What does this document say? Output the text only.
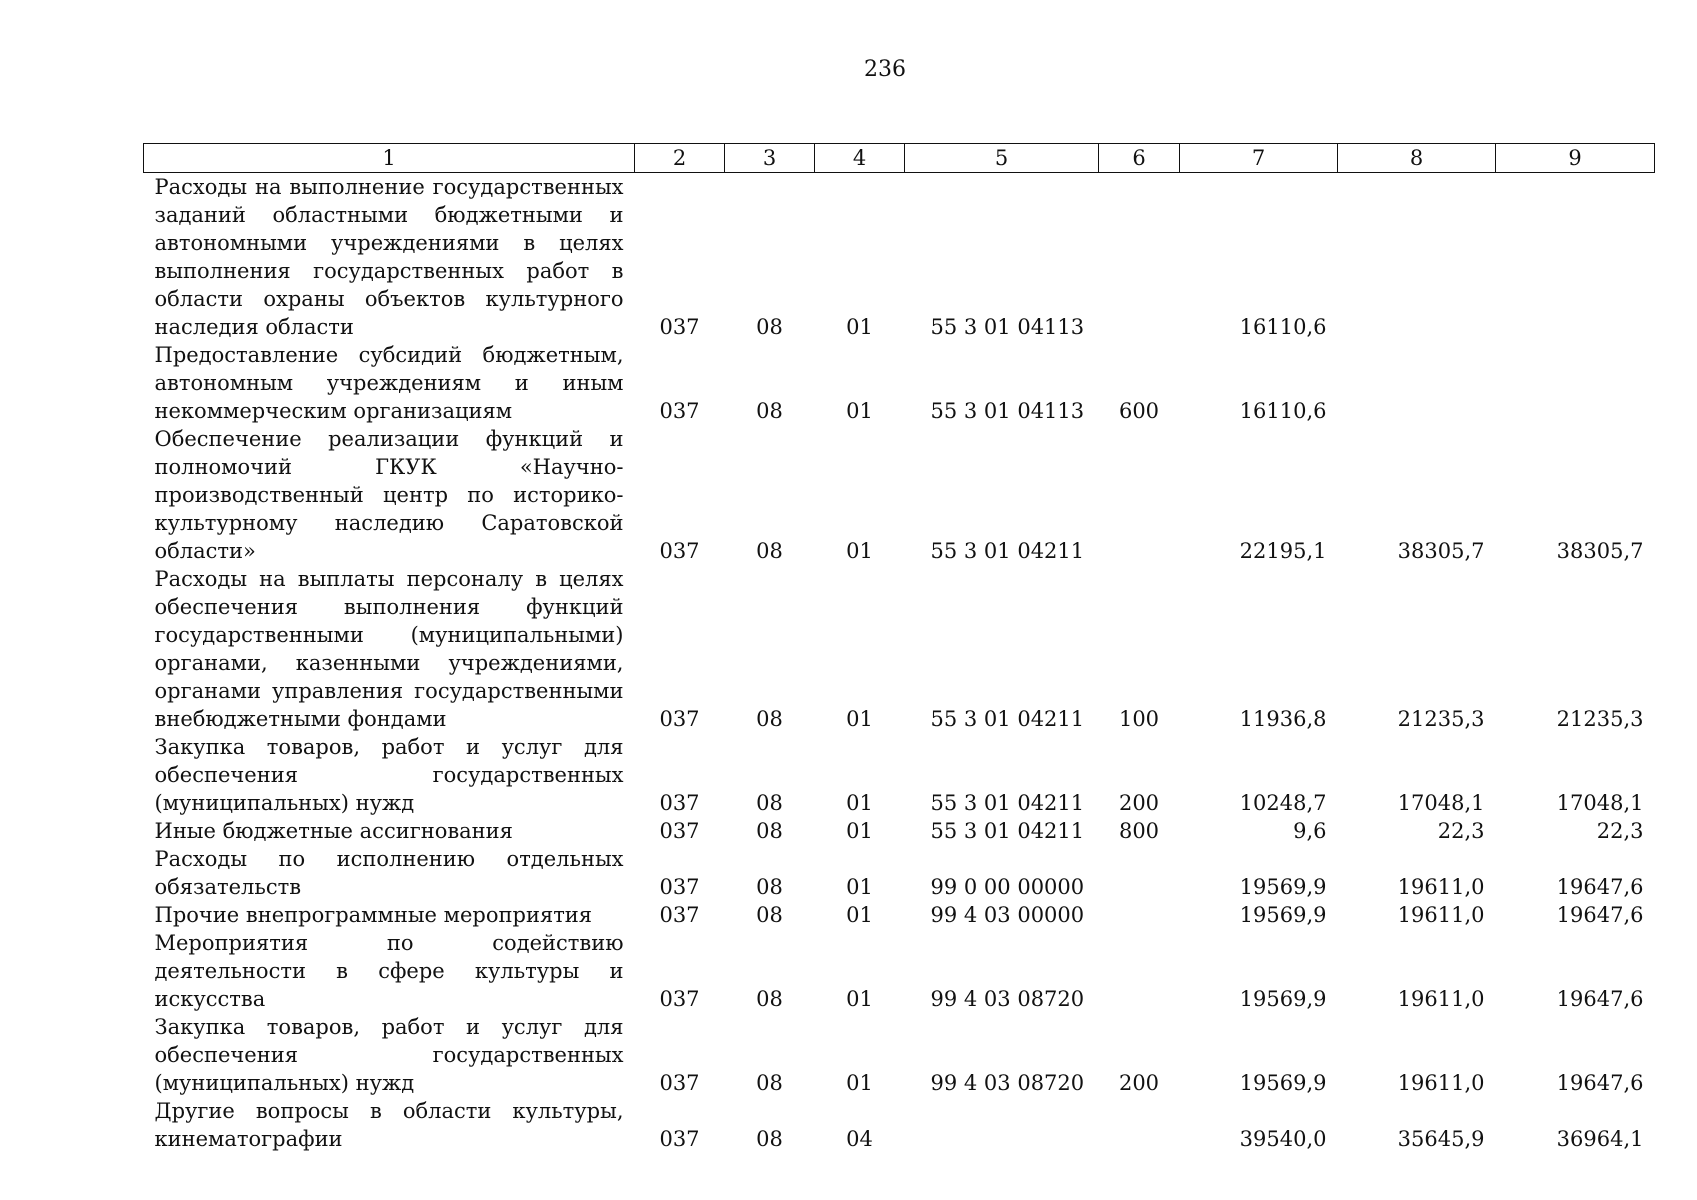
236
1	2	3	4	5	6	7	8	9
Расходы на выполнение государственных заданий областными бюджетными и автономными учреждениями в целях выполнения государственных работ в области охраны объектов культурного наследия области	037	08	01	55 3 01 04113		16110,6		
Предоставление субсидий бюджетным, автономным учреждениям и иным некоммерческим организациям	037	08	01	55 3 01 04113	600	16110,6		
Обеспечение реализации функций и полномочий ГКУК «Научно-производственный центр по историко-культурному наследию Саратовской области»	037	08	01	55 3 01 04211		22195,1	38305,7	38305,7
Расходы на выплаты персоналу в целях обеспечения выполнения функций государственными (муниципальными) органами, казенными учреждениями, органами управления государственными внебюджетными фондами	037	08	01	55 3 01 04211	100	11936,8	21235,3	21235,3
Закупка товаров, работ и услуг для обеспечения государственных (муниципальных) нужд	037	08	01	55 3 01 04211	200	10248,7	17048,1	17048,1
Иные бюджетные ассигнования	037	08	01	55 3 01 04211	800	9,6	22,3	22,3
Расходы по исполнению отдельных обязательств	037	08	01	99 0 00 00000		19569,9	19611,0	19647,6
Прочие внепрограммные мероприятия	037	08	01	99 4 03 00000		19569,9	19611,0	19647,6
Мероприятия по содействию деятельности в сфере культуры и искусства	037	08	01	99 4 03 08720		19569,9	19611,0	19647,6
Закупка товаров, работ и услуг для обеспечения государственных (муниципальных) нужд	037	08	01	99 4 03 08720	200	19569,9	19611,0	19647,6
Другие вопросы в области культуры, кинематографии	037	08	04			39540,0	35645,9	36964,1
